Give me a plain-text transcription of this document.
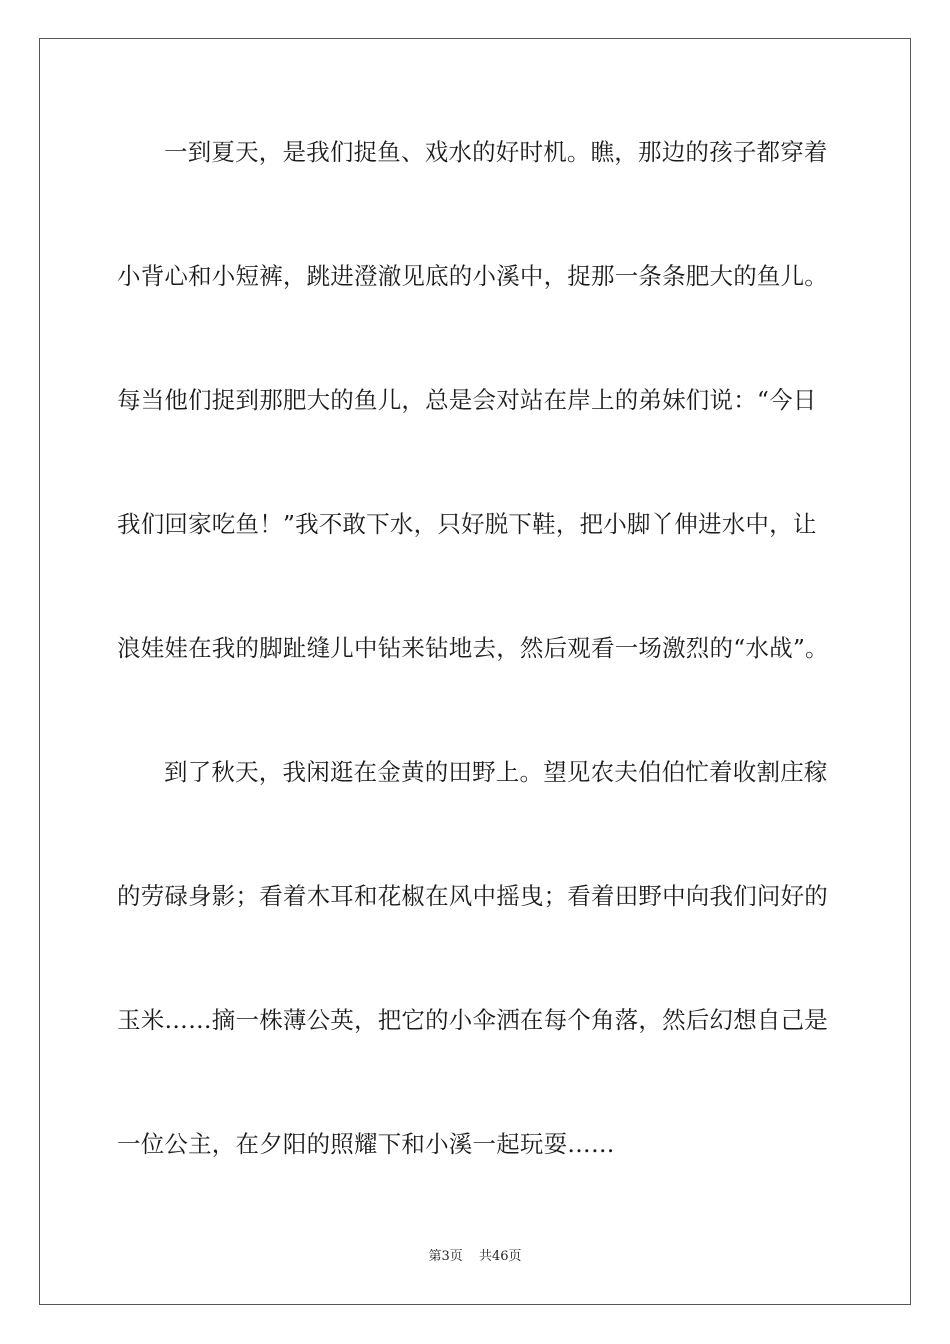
一到夏天，是我们捉鱼、戏水的好时机。瞧，那边的孩子都穿着
小背心和小短裤，跳进澄澈见底的小溪中，捉那一条条肥大的鱼儿。
每当他们捉到那肥大的鱼儿，总是会对站在岸上的弟妹们说：“今日
我们回家吃鱼！”我不敢下水，只好脱下鞋，把小脚丫伸进水中，让
浪娃娃在我的脚趾缝儿中钻来钻地去，然后观看一场激烈的“水战”。
到了秋天，我闲逛在金黄的田野上。望见农夫伯伯忙着收割庄稼
的劳碌身影；看着木耳和花椒在风中摇曳；看着田野中向我们问好的
玉米……摘一株薄公英，把它的小伞洒在每个角落，然后幻想自己是
一位公主，在夕阳的照耀下和小溪一起玩耍……
第3页 共46页
